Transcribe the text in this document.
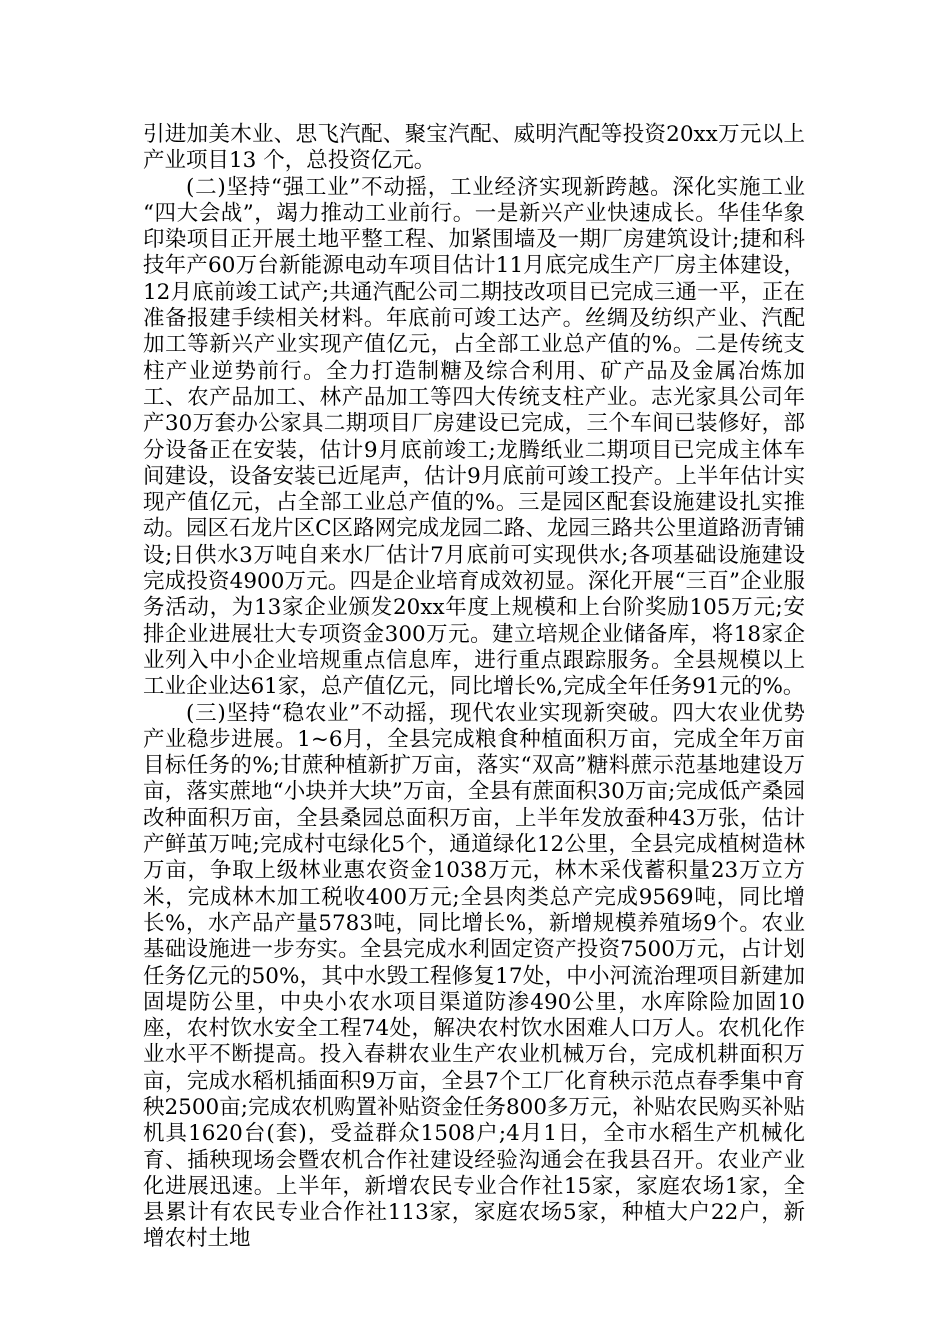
引进加美木业、思飞汽配、聚宝汽配、威明汽配等投资20xx万元以上产业项目13 个，总投资亿元。

(二)坚持“强工业”不动摇，工业经济实现新跨越。深化实施工业 “四大会战”，竭力推动工业前行。一是新兴产业快速成长。华佳华象印染项目正开展土地平整工程、加紧围墙及一期厂房建筑设计;捷和科技年产60万台新能源电动车项目估计11月底完成生产厂房主体建设，12月底前竣工试产;共通汽配公司二期技改项目已完成三通一平，正在准备报建手续相关材料。年底前可竣工达产。丝绸及纺织产业、汽配加工等新兴产业实现产值亿元，占全部工业总产值的%。二是传统支柱产业逆势前行。全力打造制糖及综合利用、矿产品及金属冶炼加工、农产品加工、林产品加工等四大传统支柱产业。志光家具公司年产30万套办公家具二期项目厂房建设已完成，三个车间已装修好，部分设备正在安装，估计9月底前竣工;龙腾纸业二期项目已完成主体车间建设，设备安装已近尾声，估计9月底前可竣工投产。上半年估计实现产值亿元，占全部工业总产值的%。三是园区配套设施建设扎实推动。园区石龙片区C区路网完成龙园二路、龙园三路共公里道路沥青铺设;日供水3万吨自来水厂估计7月底前可实现供水;各项基础设施建设完成投资4900万元。四是企业培育成效初显。深化开展“三百”企业服务活动，为13家企业颁发20xx年度上规模和上台阶奖励105万元;安排企业进展壮大专项资金300万元。建立培规企业储备库，将18家企业列入中小企业培规重点信息库，进行重点跟踪服务。全县规模以上工业企业达61家，总产值亿元，同比增长%,完成全年任务91元的%。

(三)坚持“稳农业”不动摇，现代农业实现新突破。四大农业优势产业稳步进展。1~6月，全县完成粮食种植面积万亩，完成全年万亩目标任务的%;甘蔗种植新扩万亩，落实“双高”糖料蔗示范基地建设万亩，落实蔗地“小块并大块”万亩，全县有蔗面积30万亩;完成低产桑园改种面积万亩，全县桑园总面积万亩，上半年发放蚕种43万张，估计产鲜茧万吨;完成村屯绿化5个，通道绿化12公里，全县完成植树造林万亩，争取上级林业惠农资金1038万元，林木采伐蓄积量23万立方米，完成林木加工税收400万元;全县肉类总产完成9569吨，同比增长%，水产品产量5783吨，同比增长%，新增规模养殖场9个。农业基础设施进一步夯实。全县完成水利固定资产投资7500万元，占计划任务亿元的50%，其中水毁工程修复17处，中小河流治理项目新建加固堤防公里，中央小农水项目渠道防渗490公里，水库除险加固10座，农村饮水安全工程74处，解决农村饮水困难人口万人。农机化作业水平不断提高。投入春耕农业生产农业机械万台，完成机耕面积万亩，完成水稻机插面积9万亩，全县7个工厂化育秧示范点春季集中育秧2500亩;完成农机购置补贴资金任务800多万元，补贴农民购买补贴机具1620台(套)，受益群众1508户;4月1日，全市水稻生产机械化育、插秧现场会暨农机合作社建设经验沟通会在我县召开。农业产业化进展迅速。上半年，新增农民专业合作社15家，家庭农场1家，全县累计有农民专业合作社113家，家庭农场5家，种植大户22户，新增农村土地
